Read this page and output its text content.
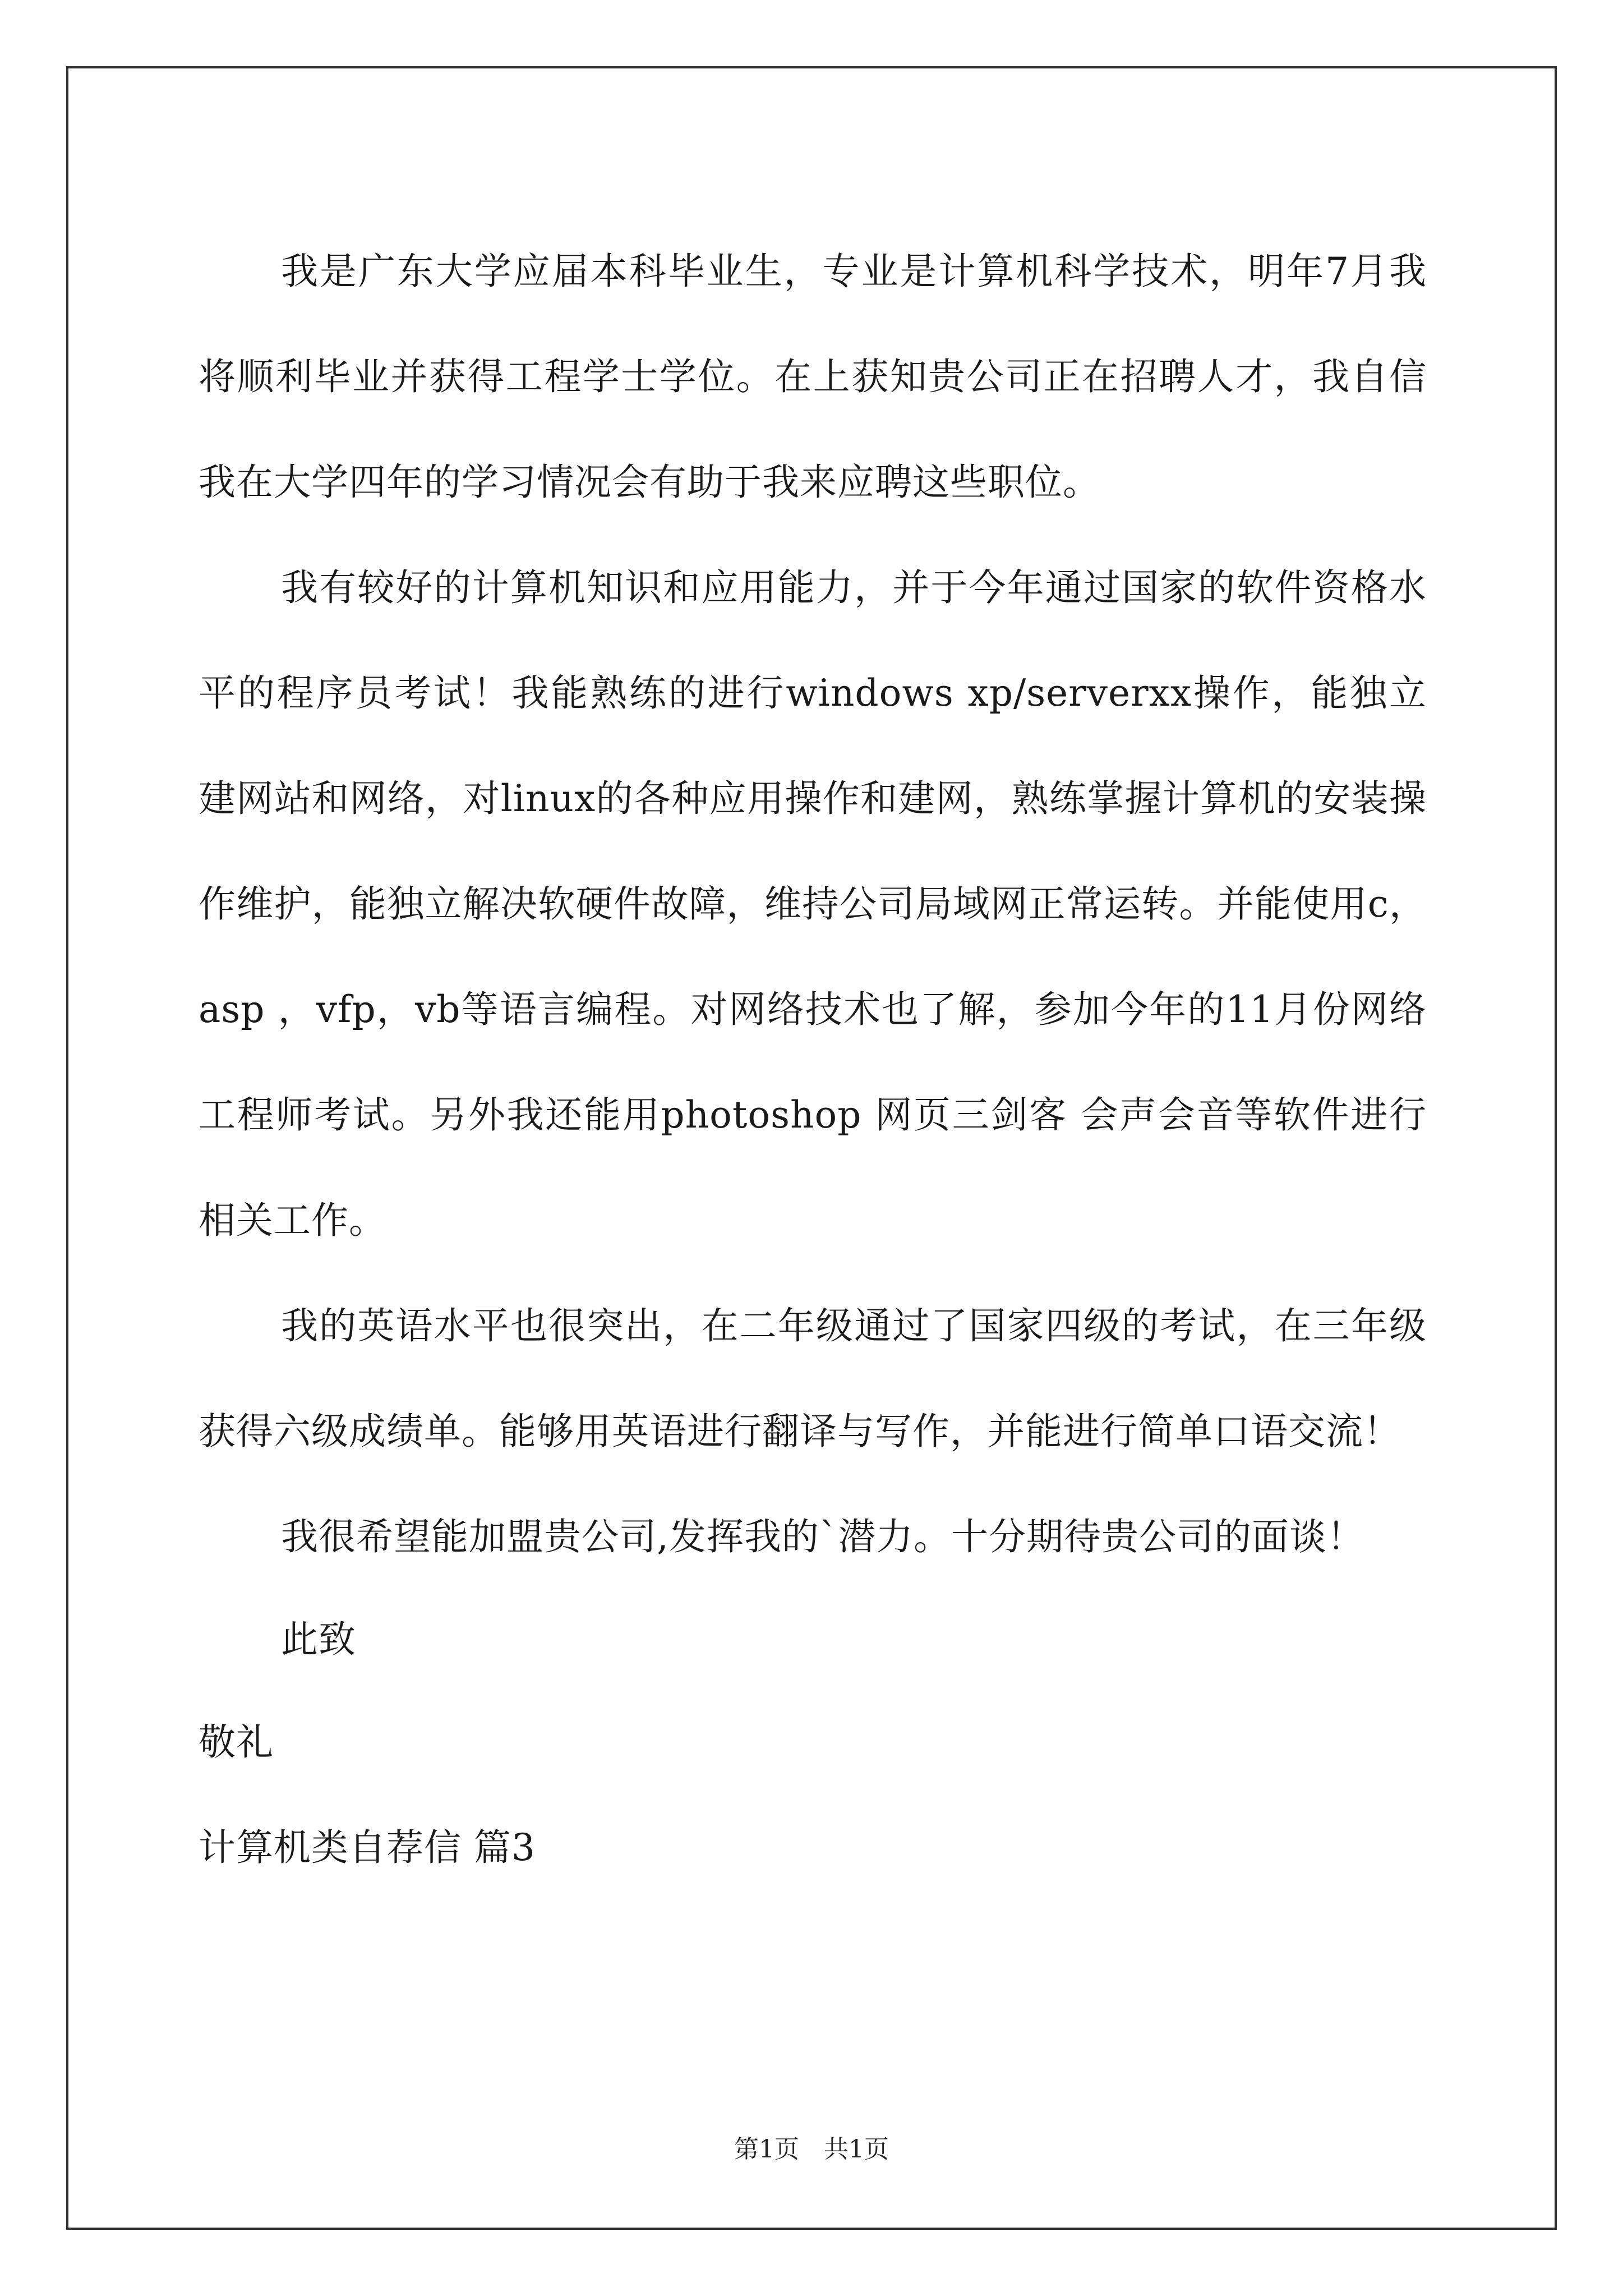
我是广东大学应届本科毕业生，专业是计算机科学技术，明年7月我将顺利毕业并获得工程学士学位。在上获知贵公司正在招聘人才，我自信我在大学四年的学习情况会有助于我来应聘这些职位。

我有较好的计算机知识和应用能力，并于今年通过国家的软件资格水平的程序员考试！我能熟练的进行windows xp/serverxx操作，能独立建网站和网络，对linux的各种应用操作和建网，熟练掌握计算机的安装操作维护，能独立解决软硬件故障，维持公司局域网正常运转。并能使用c，asp ，vfp，vb等语言编程。对网络技术也了解，参加今年的11月份网络工程师考试。另外我还能用photoshop 网页三剑客 会声会音等软件进行相关工作。

我的英语水平也很突出，在二年级通过了国家四级的考试，在三年级获得六级成绩单。能够用英语进行翻译与写作，并能进行简单口语交流！

我很希望能加盟贵公司,发挥我的`潜力。十分期待贵公司的面谈！

此致

敬礼

计算机类自荐信 篇3

第1页　共1页
